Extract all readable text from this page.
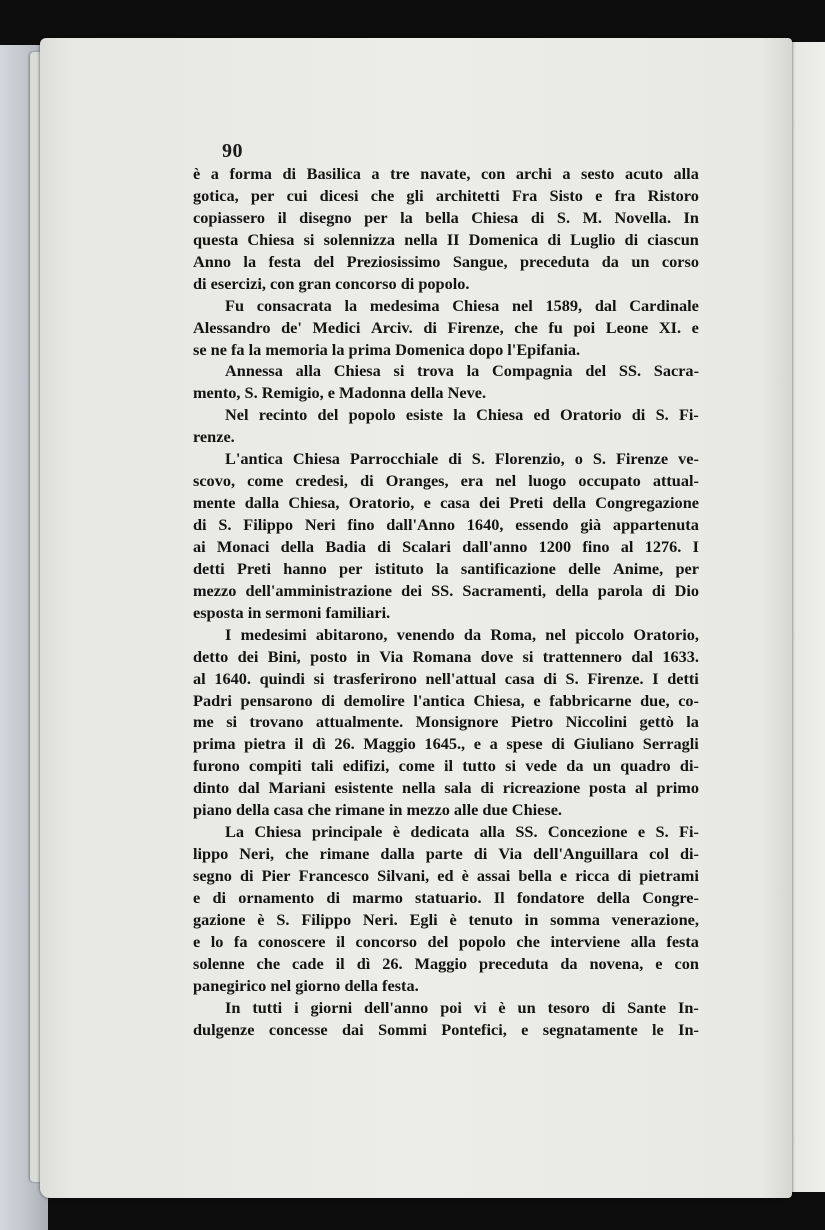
90
è a forma di Basilica a tre navate, con archi a sesto acuto alla
gotica, per cui dicesi che gli architetti Fra Sisto e fra Ristoro
copiassero il disegno per la bella Chiesa di S. M. Novella. In
questa Chiesa si solennizza nella II Domenica di Luglio di ciascun
Anno la festa del Preziosissimo Sangue, preceduta da un corso
di esercizi, con gran concorso di popolo.
Fu consacrata la medesima Chiesa nel 1589, dal Cardinale
Alessandro de' Medici Arciv. di Firenze, che fu poi Leone XI. e
se ne fa la memoria la prima Domenica dopo l'Epifania.
Annessa alla Chiesa si trova la Compagnia del SS. Sacra-
mento, S. Remigio, e Madonna della Neve.
Nel recinto del popolo esiste la Chiesa ed Oratorio di S. Fi-
renze.
L'antica Chiesa Parrocchiale di S. Florenzio, o S. Firenze ve-
scovo, come credesi, di Oranges, era nel luogo occupato attual-
mente dalla Chiesa, Oratorio, e casa dei Preti della Congregazione
di S. Filippo Neri fino dall'Anno 1640, essendo già appartenuta
ai Monaci della Badia di Scalari dall'anno 1200 fino al 1276. I
detti Preti hanno per istituto la santificazione delle Anime, per
mezzo dell'amministrazione dei SS. Sacramenti, della parola di Dio
esposta in sermoni familiari.
I medesimi abitarono, venendo da Roma, nel piccolo Oratorio,
detto dei Bini, posto in Via Romana dove si trattennero dal 1633.
al 1640. quindi si trasferirono nell'attual casa di S. Firenze. I detti
Padri pensarono di demolire l'antica Chiesa, e fabbricarne due, co-
me si trovano attualmente. Monsignore Pietro Niccolini gettò la
prima pietra il dì 26. Maggio 1645., e a spese di Giuliano Serragli
furono compiti tali edifizi, come il tutto si vede da un quadro di-
dinto dal Mariani esistente nella sala di ricreazione posta al primo
piano della casa che rimane in mezzo alle due Chiese.
La Chiesa principale è dedicata alla SS. Concezione e S. Fi-
lippo Neri, che rimane dalla parte di Via dell'Anguillara col di-
segno di Pier Francesco Silvani, ed è assai bella e ricca di pietrami
e di ornamento di marmo statuario. Il fondatore della Congre-
gazione è S. Filippo Neri. Egli è tenuto in somma venerazione,
e lo fa conoscere il concorso del popolo che interviene alla festa
solenne che cade il dì 26. Maggio preceduta da novena, e con
panegirico nel giorno della festa.
In tutti i giorni dell'anno poi vi è un tesoro di Sante In-
dulgenze concesse dai Sommi Pontefici, e segnatamente le In-
